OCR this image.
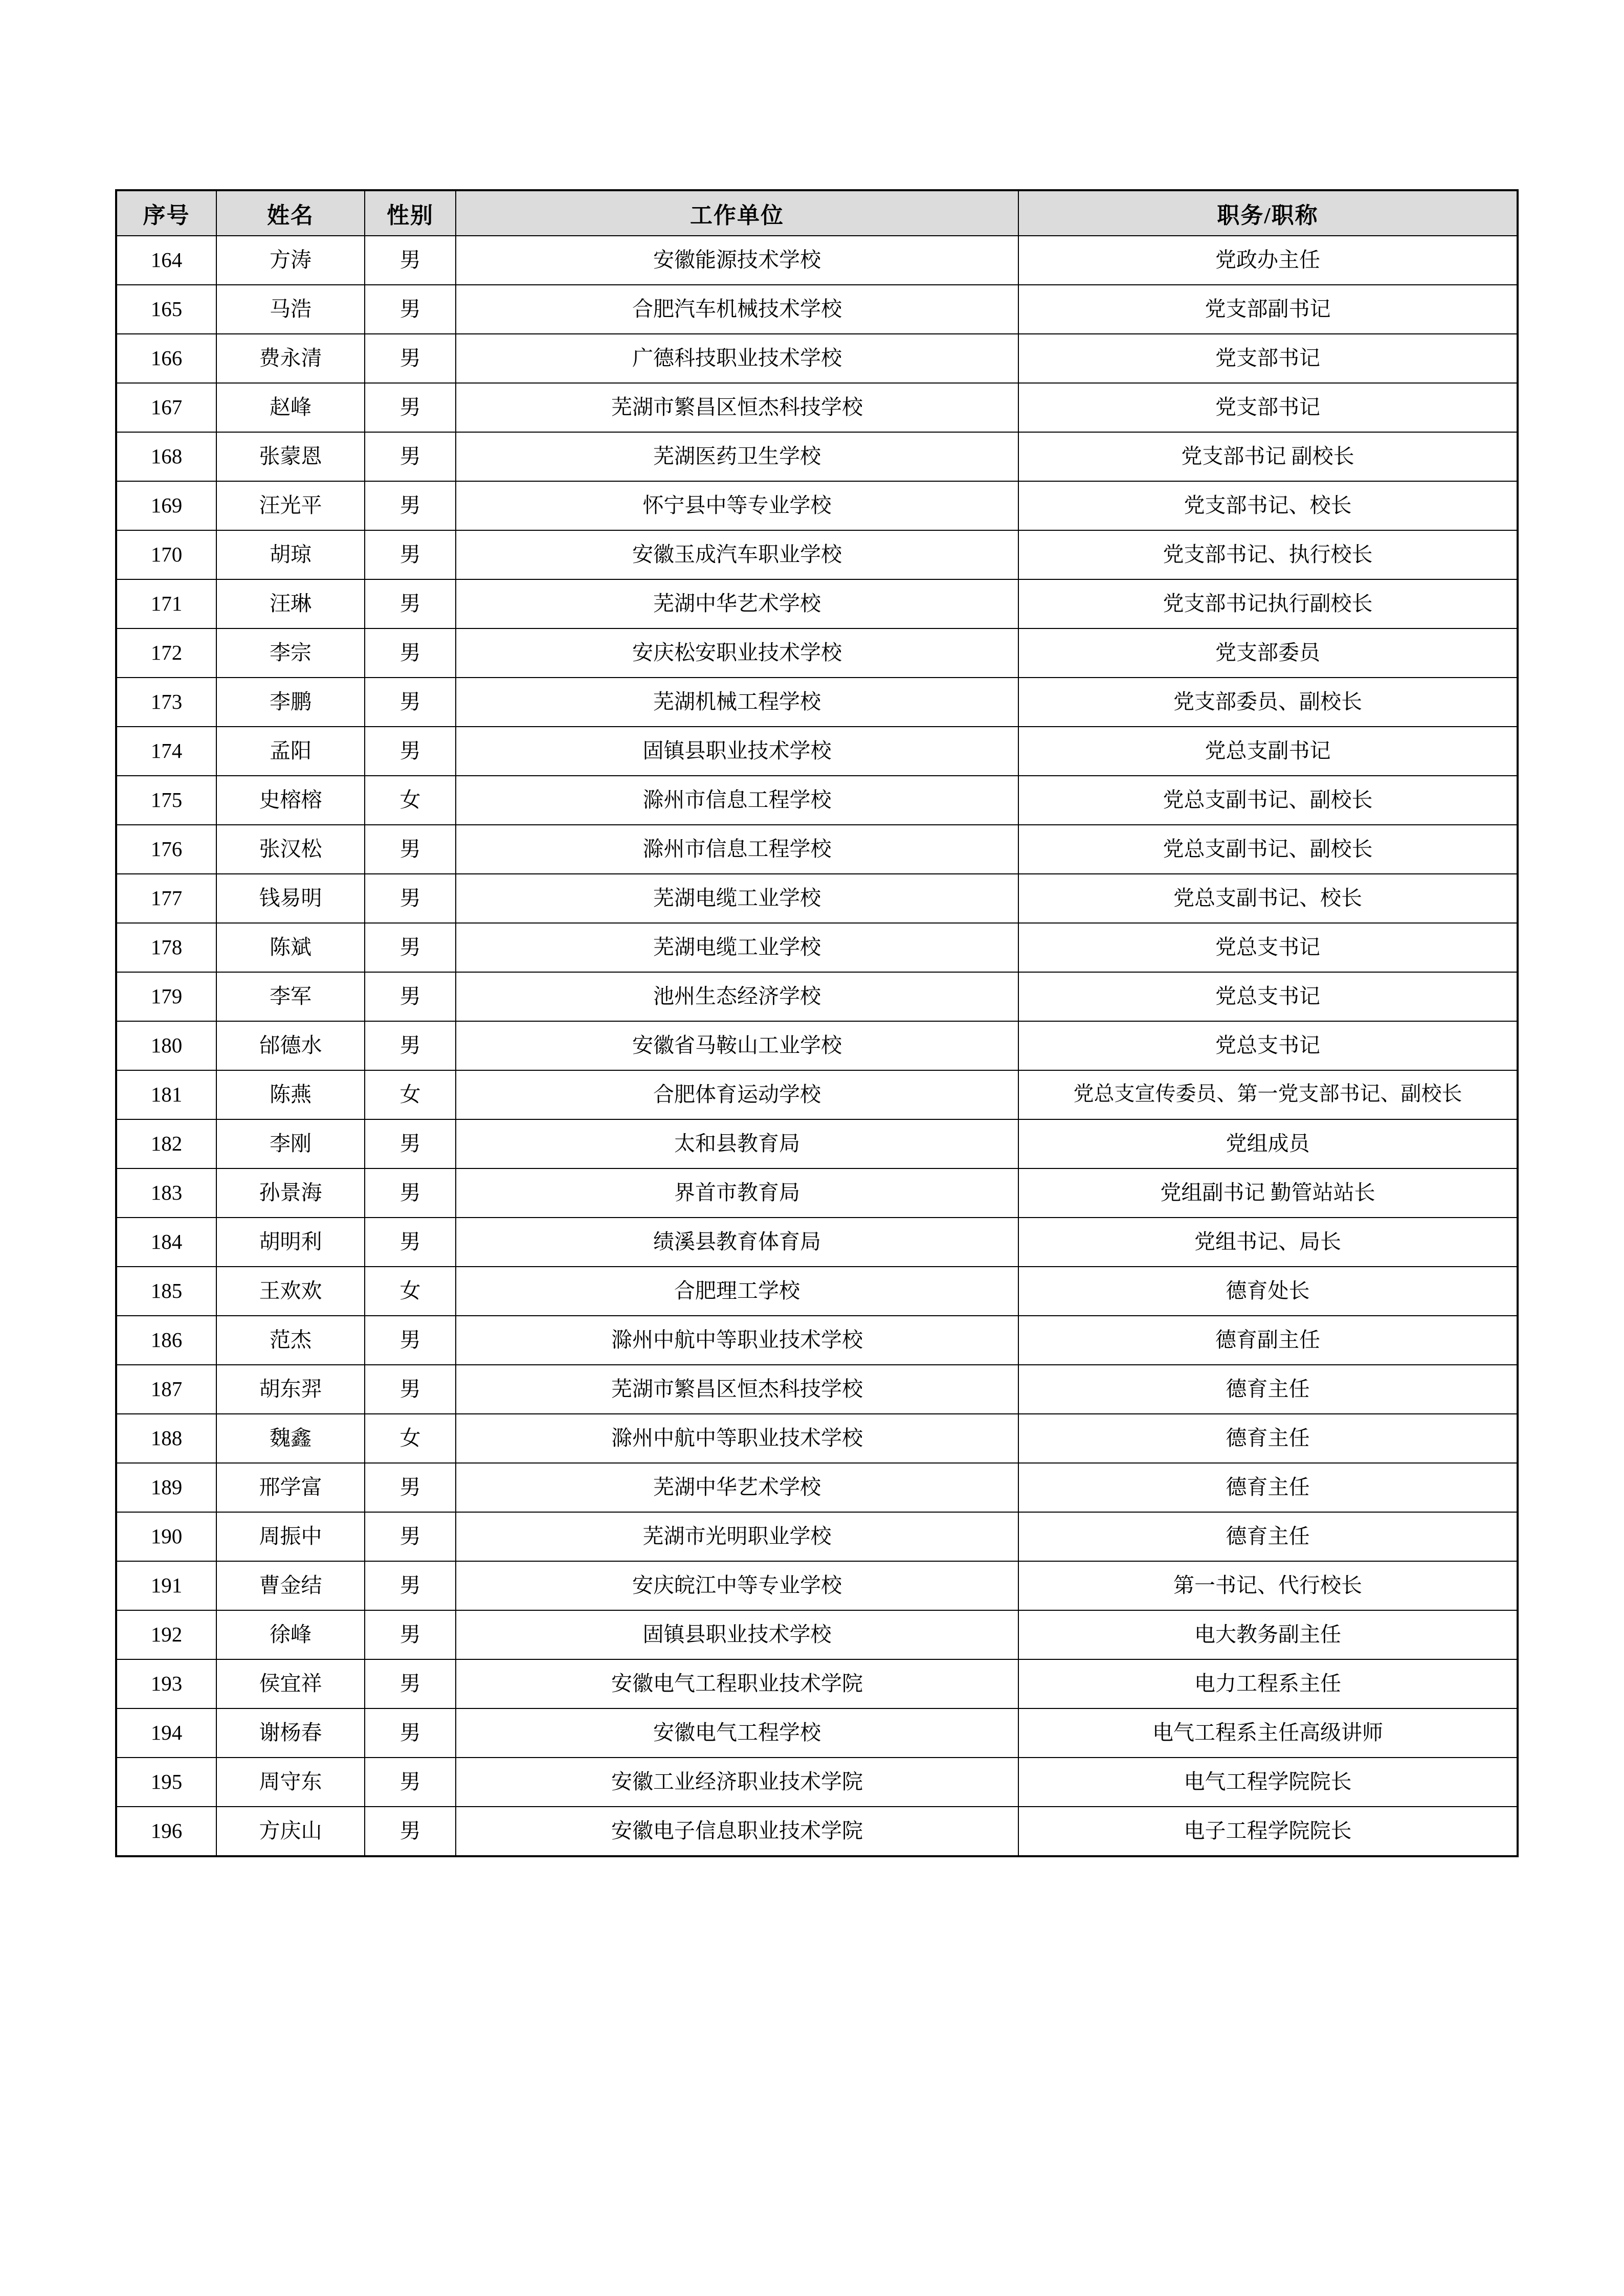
序号	姓名	性别	工作单位	职务/职称
164	方涛	男	安徽能源技术学校	党政办主任
165	马浩	男	合肥汽车机械技术学校	党支部副书记
166	费永清	男	广德科技职业技术学校	党支部书记
167	赵峰	男	芜湖市繁昌区恒杰科技学校	党支部书记
168	张蒙恩	男	芜湖医药卫生学校	党支部书记 副校长
169	汪光平	男	怀宁县中等专业学校	党支部书记、校长
170	胡琼	男	安徽玉成汽车职业学校	党支部书记、执行校长
171	汪琳	男	芜湖中华艺术学校	党支部书记执行副校长
172	李宗	男	安庆松安职业技术学校	党支部委员
173	李鹏	男	芜湖机械工程学校	党支部委员、副校长
174	孟阳	男	固镇县职业技术学校	党总支副书记
175	史榕榕	女	滁州市信息工程学校	党总支副书记、副校长
176	张汉松	男	滁州市信息工程学校	党总支副书记、副校长
177	钱易明	男	芜湖电缆工业学校	党总支副书记、校长
178	陈斌	男	芜湖电缆工业学校	党总支书记
179	李军	男	池州生态经济学校	党总支书记
180	邰德水	男	安徽省马鞍山工业学校	党总支书记
181	陈燕	女	合肥体育运动学校	党总支宣传委员、第一党支部书记、副校长
182	李刚	男	太和县教育局	党组成员
183	孙景海	男	界首市教育局	党组副书记 勤管站站长
184	胡明利	男	绩溪县教育体育局	党组书记、局长
185	王欢欢	女	合肥理工学校	德育处长
186	范杰	男	滁州中航中等职业技术学校	德育副主任
187	胡东羿	男	芜湖市繁昌区恒杰科技学校	德育主任
188	魏鑫	女	滁州中航中等职业技术学校	德育主任
189	邢学富	男	芜湖中华艺术学校	德育主任
190	周振中	男	芜湖市光明职业学校	德育主任
191	曹金结	男	安庆皖江中等专业学校	第一书记、代行校长
192	徐峰	男	固镇县职业技术学校	电大教务副主任
193	侯宜祥	男	安徽电气工程职业技术学院	电力工程系主任
194	谢杨春	男	安徽电气工程学校	电气工程系主任高级讲师
195	周守东	男	安徽工业经济职业技术学院	电气工程学院院长
196	方庆山	男	安徽电子信息职业技术学院	电子工程学院院长
